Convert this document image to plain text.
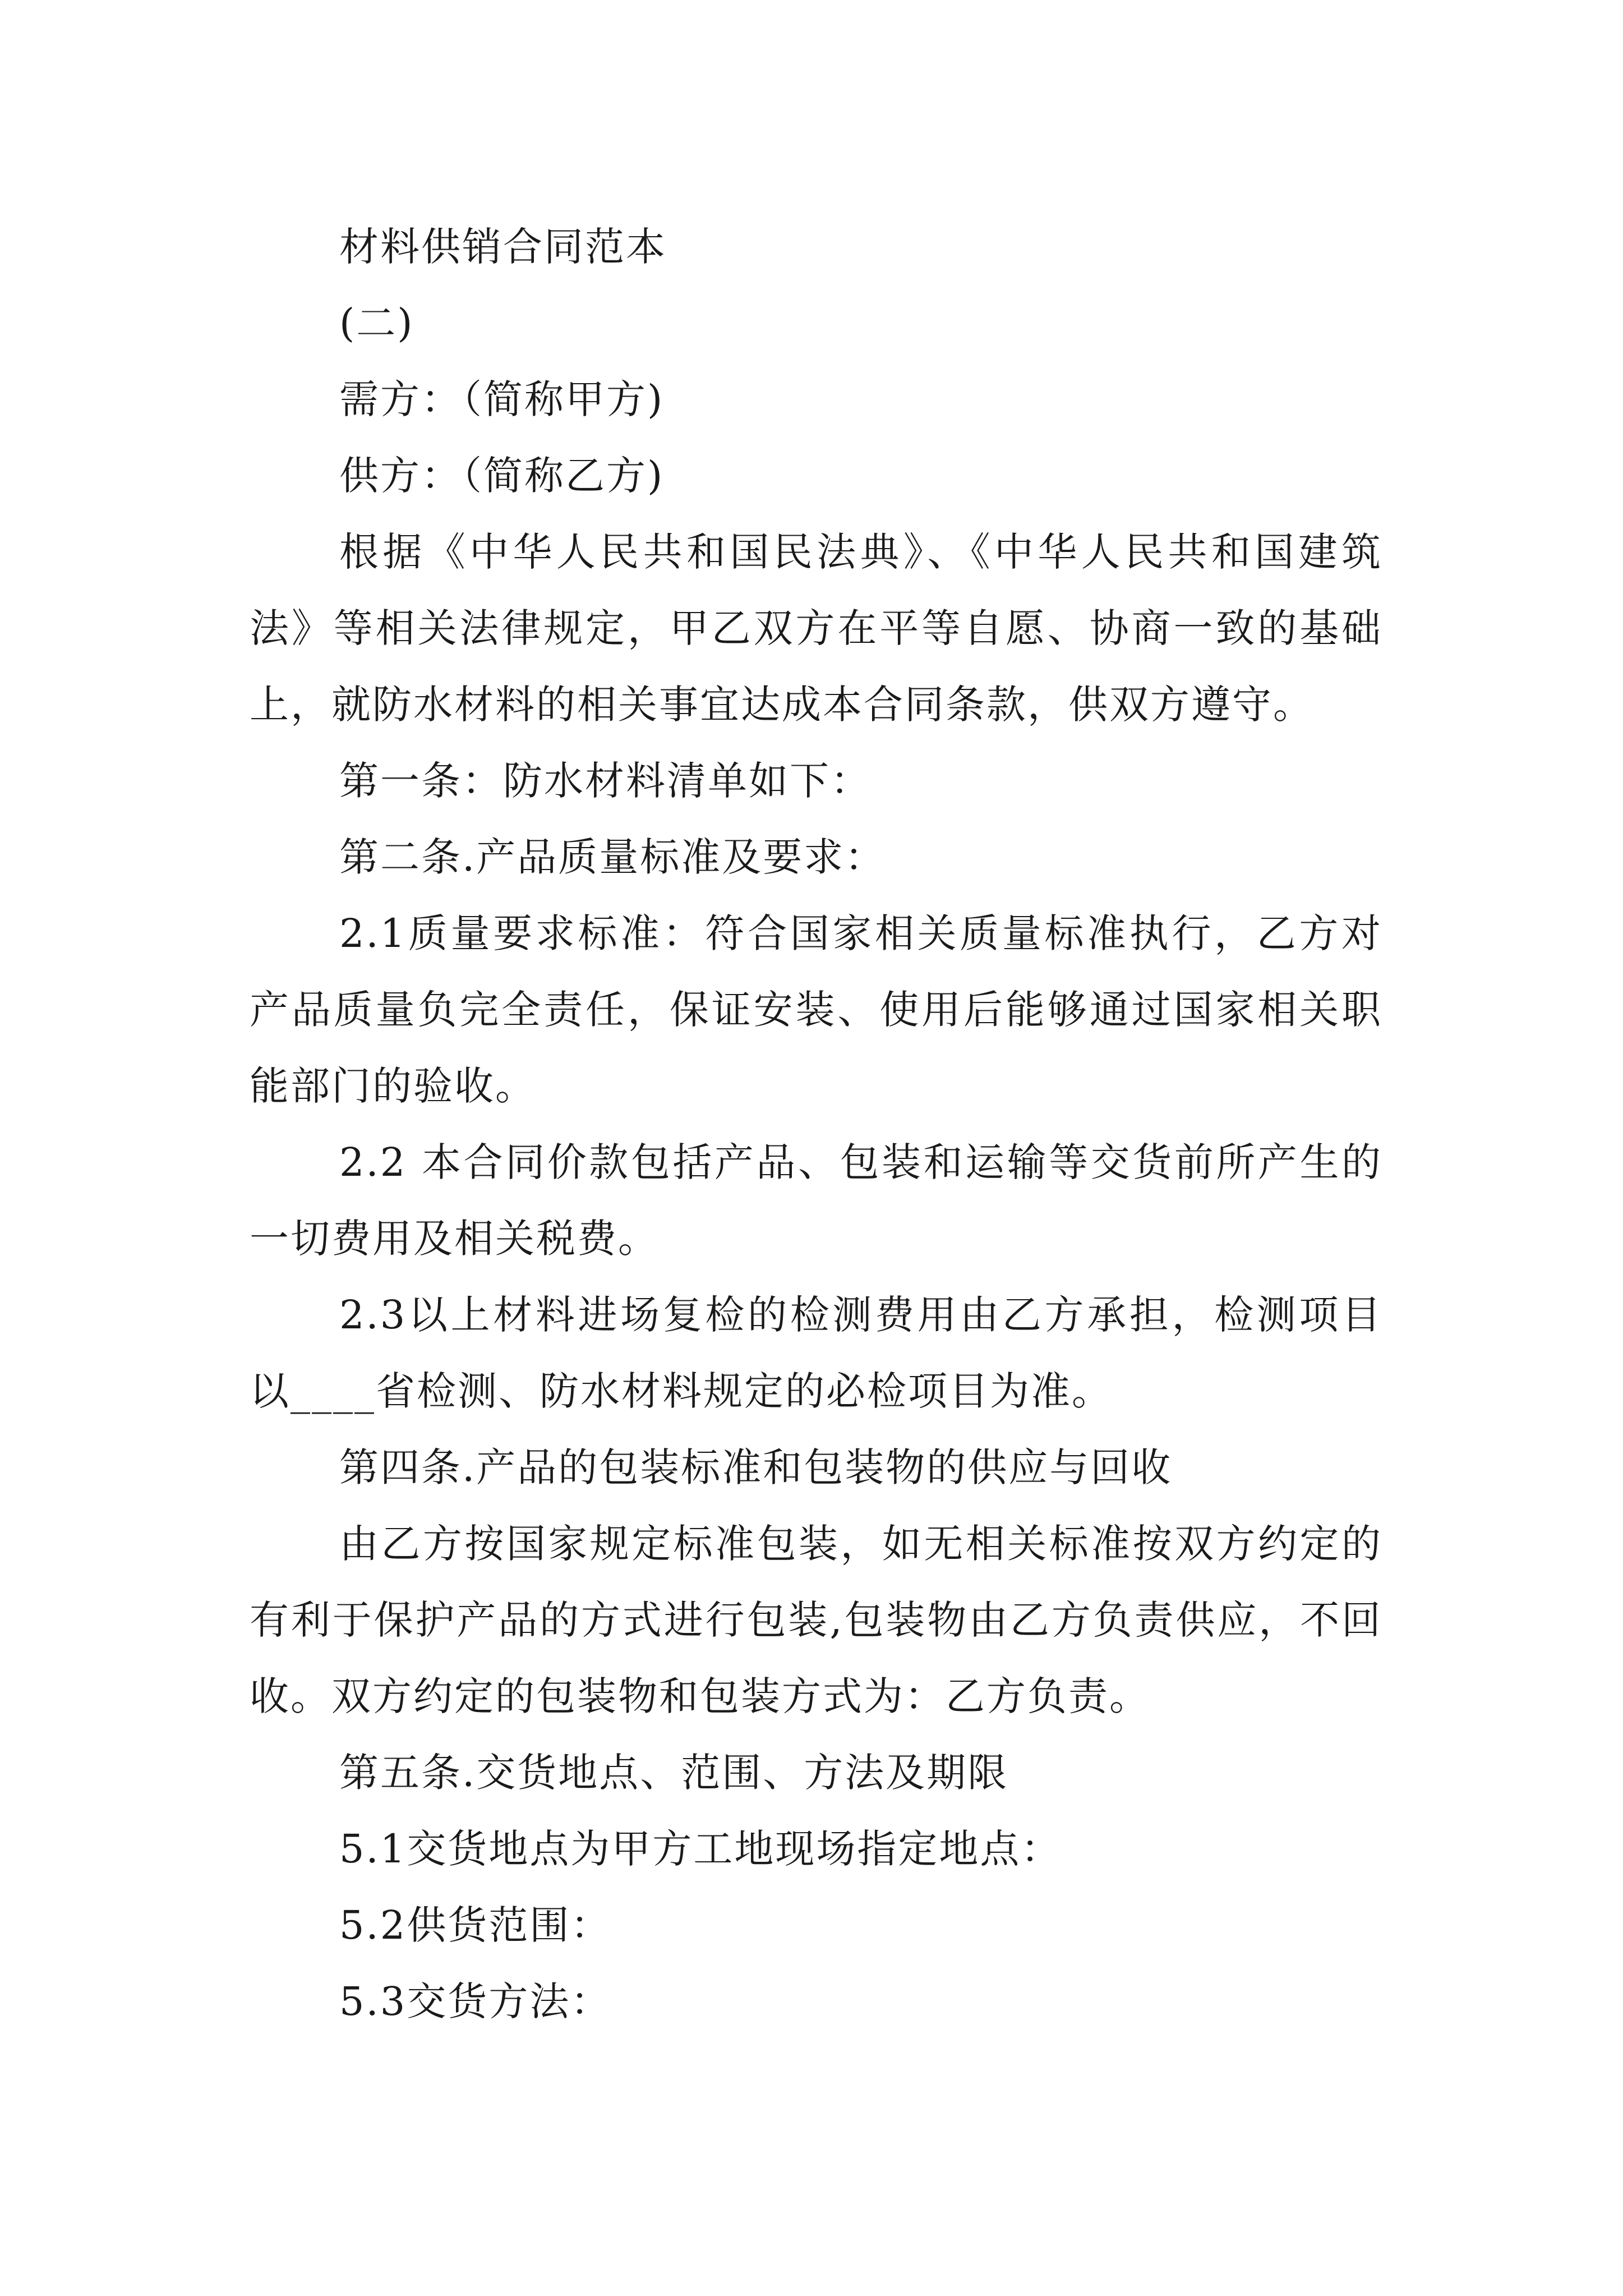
材料供销合同范本

(二)

需方：（简称甲方)

供方：（简称乙方)

根据《中华人民共和国民法典》、《中华人民共和国建筑法》等相关法律规定，甲乙双方在平等自愿、协商一致的基础上，就防水材料的相关事宜达成本合同条款，供双方遵守。

第一条：防水材料清单如下：

第二条.产品质量标准及要求：

2.1质量要求标准：符合国家相关质量标准执行，乙方对产品质量负完全责任，保证安装、使用后能够通过国家相关职能部门的验收。

2.2 本合同价款包括产品、包装和运输等交货前所产生的一切费用及相关税费。

2.3以上材料进场复检的检测费用由乙方承担，检测项目以____省检测、防水材料规定的必检项目为准。

第四条.产品的包装标准和包装物的供应与回收

由乙方按国家规定标准包装，如无相关标准按双方约定的有利于保护产品的方式进行包装,包装物由乙方负责供应，不回收。双方约定的包装物和包装方式为：乙方负责。

第五条.交货地点、范围、方法及期限

5.1交货地点为甲方工地现场指定地点：

5.2供货范围：

5.3交货方法：
